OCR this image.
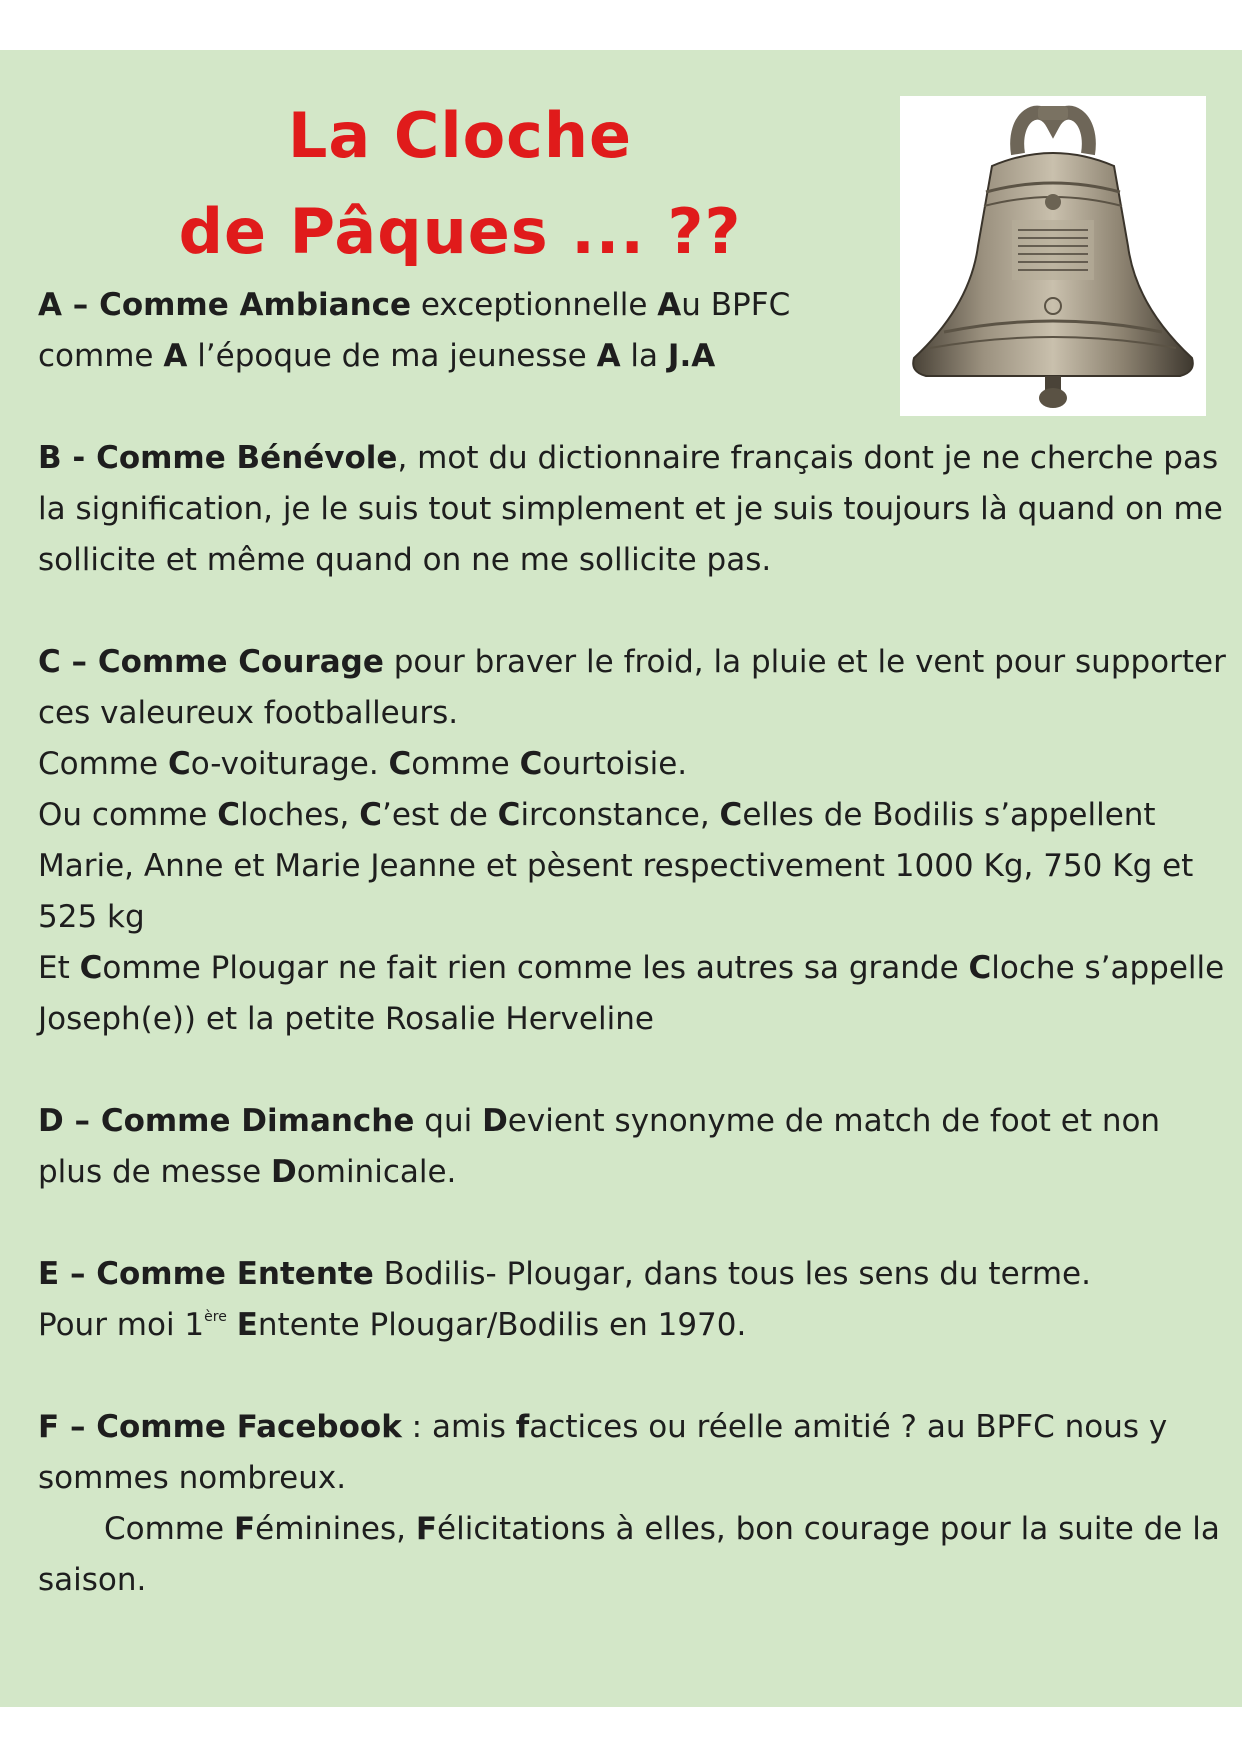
La Cloche
de Pâques ... ??

A – Comme Ambiance exceptionnelle Au BPFC

comme A l’époque de ma jeunesse A la J.A

B - Comme Bénévole, mot du dictionnaire français dont je ne cherche pas la signification, je le suis tout simplement et je suis toujours là quand on me sollicite et même quand on ne me sollicite pas.

C – Comme Courage pour braver le froid, la pluie et le vent pour supporter ces valeureux footballeurs.

Comme Co-voiturage. Comme Courtoisie.

Ou comme Cloches, C’est de Circonstance, Celles de Bodilis s’appellent Marie, Anne et Marie Jeanne et pèsent respectivement 1000 Kg, 750 Kg et 525 kg

Et Comme Plougar ne fait rien comme les autres sa grande Cloche s’appelle Joseph(e)) et la petite Rosalie Herveline

D – Comme Dimanche qui Devient synonyme de match de foot et non plus de messe Dominicale.

E – Comme Entente Bodilis- Plougar, dans tous les sens du terme.

Pour moi 1ère Entente Plougar/Bodilis en 1970.

F – Comme Facebook : amis factices ou réelle amitié ? au BPFC nous y sommes nombreux.

Comme Féminines, Félicitations à elles, bon courage pour la suite de la saison.
